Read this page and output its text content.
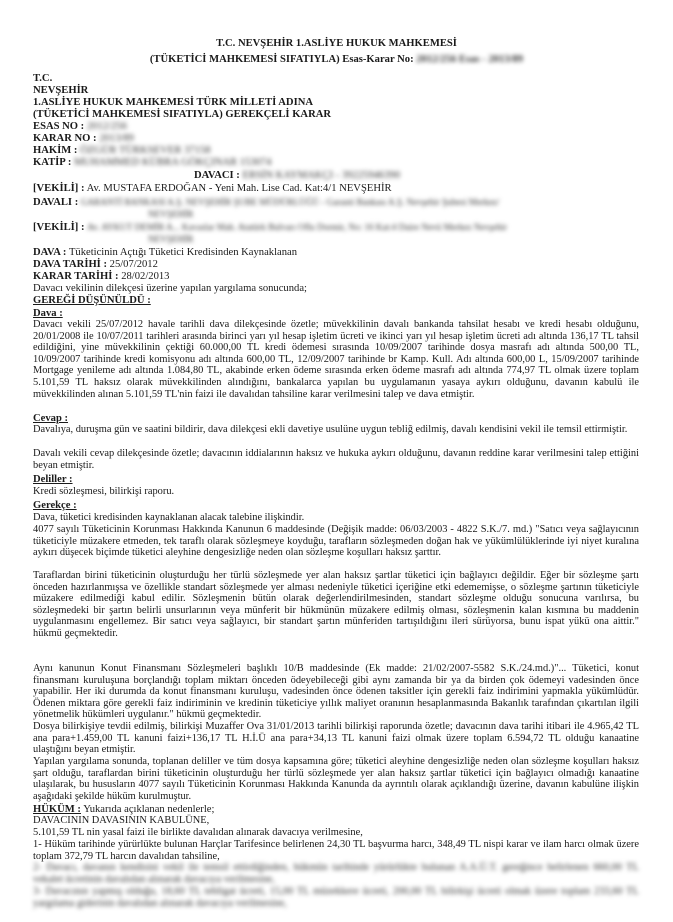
T.C. NEVŞEHİR 1.ASLİYE HUKUK MAHKEMESİ
(TÜKETİCİ MAHKEMESİ SIFATIYLA) Esas-Karar No: 2012/256 Esas - 2013/89
T.C.
NEVŞEHİR
1.ASLİYE HUKUK MAHKEMESİ TÜRK MİLLETİ ADINA
(TÜKETİCİ MAHKEMESİ SIFATIYLA) GEREKÇELİ KARAR
ESAS NO : 2012/256
KARAR NO : 2013/89
HAKİM : ÖZGÜR TÜRKSEVER 37158
KATİP : MUHAMMED KÜBRA GÖKÇINAR 153074
DAVACI : ERSİN KAYMAKÇI - 39225946390
[VEKİLİ] : Av. MUSTAFA ERDOĞAN - Yeni Mah. Lise Cad. Kat:4/1 NEVŞEHİR
DAVALI : GARANTİ BANKASI A.Ş. NEVŞEHİR ŞUBE MÜDÜRLÜĞÜ - Garanti Bankası A.Ş. Nevşehir Şubesi Merkez/
NEVŞEHİR
[VEKİLİ] : Av. AYKUT DEMİR A... Kavaslar Mah. Atatürk Bulvarı Oflu Dormir, No: 16 Kat:4 Daire Nevü Merkez Nevşehir
NEVŞEHİR
DAVA : Tüketicinin Açtığı Tüketici Kredisinden Kaynaklanan
DAVA TARİHİ : 25/07/2012
KARAR TARİHİ : 28/02/2013
Davacı vekilinin dilekçesi üzerine yapılan yargılama sonucunda;
GEREĞİ DÜŞÜNÜLDÜ :
Dava :

Davacı vekili 25/07/2012 havale tarihli dava dilekçesinde özetle; müvekkilinin davalı bankanda tahsilat hesabı ve kredi hesabı olduğunu, 20/01/2008 ile 10/07/2011 tarihleri arasında birinci yarı yıl hesap işletim ücreti ve ikinci yarı yıl hesap işletim ücreti adı altında 136,17 TL tahsil edildiğini, yine müvekkilinin çektiği 60.000,00 TL kredi ödemesi sırasında 10/09/2007 tarihinde dosya masrafı adı altında 500,00 TL, 10/09/2007 tarihinde kredi komisyonu adı altında 600,00 TL, 12/09/2007 tarihinde br Kamp. Kull. Adı altında 600,00 L, 15/09/2007 tarihinde Mortgage yenileme adı altında 1.084,80 TL, akabinde erken ödeme sırasında erken ödeme masrafı adı altında 774,97 TL olmak üzere toplam 5.101,59 TL haksız olarak müvekkilinden alındığını, bankalarca yapılan bu uygulamanın yasaya aykırı olduğunu, davanın kabulü ile müvekkilinden alınan 5.101,59 TL'nin faizi ile davalıdan tahsiline karar verilmesini talep ve dava etmiştir.

Cevap :

Davalıya, duruşma gün ve saatini bildirir, dava dilekçesi ekli davetiye usulüne uygun tebliğ edilmiş, davalı kendisini vekil ile temsil ettirmiştir.

Davalı vekili cevap dilekçesinde özetle; davacının iddialarının haksız ve hukuka aykırı olduğunu, davanın reddine karar verilmesini talep ettiğini beyan etmiştir.

Deliller :

Kredi sözleşmesi, bilirkişi raporu.

Gerekçe :

Dava, tüketici kredisinden kaynaklanan alacak talebine ilişkindir.

4077 sayılı Tüketicinin Korunması Hakkında Kanunun 6 maddesinde (Değişik madde: 06/03/2003 - 4822 S.K./7. md.) "Satıcı veya sağlayıcının tüketiciyle müzakere etmeden, tek taraflı olarak sözleşmeye koyduğu, tarafların sözleşmeden doğan hak ve yükümlülüklerinde iyi niyet kuralına aykırı düşecek biçimde tüketici aleyhine dengesizliğe neden olan sözleşme koşulları haksız şarttır.

Taraflardan birini tüketicinin oluşturduğu her türlü sözleşmede yer alan haksız şartlar tüketici için bağlayıcı değildir. Eğer bir sözleşme şartı önceden hazırlanmışsa ve özellikle standart sözleşmede yer alması nedeniyle tüketici içeriğine etki edememişse, o sözleşme şartının tüketiciyle müzakere edilmediği kabul edilir. Sözleşmenin bütün olarak değerlendirilmesinden, standart sözleşme olduğu sonucuna varılırsa, bu sözleşmedeki bir şartın belirli unsurlarının veya münferit bir hükmünün müzakere edilmiş olması, sözleşmenin kalan kısmına bu maddenin uygulanmasını engellemez. Bir satıcı veya sağlayıcı, bir standart şartın münferiden tartışıldığını ileri sürüyorsa, bunu ispat yükü ona aittir." hükmü geçmektedir.

Aynı kanunun Konut Finansmanı Sözleşmeleri başlıklı 10/B maddesinde (Ek madde: 21/02/2007-5582 S.K./24.md.)"... Tüketici, konut finansmanı kuruluşuna borçlandığı toplam miktarı önceden ödeyebileceği gibi aynı zamanda bir ya da birden çok ödemeyi vadesinden önce yapabilir. Her iki durumda da konut finansmanı kuruluşu, vadesinden önce ödenen taksitler için gerekli faiz indirimini yapmakla yükümlüdür. Ödenen miktara göre gerekli faiz indiriminin ve kredinin tüketiciye yıllık maliyet oranının hesaplanmasında Bakanlık tarafından çıkartılan ilgili yönetmelik hükümleri uygulanır." hükmü geçmektedir.

Dosya bilirkişiye tevdii edilmiş, bilirkişi Muzaffer Ova 31/01/2013 tarihli bilirkişi raporunda özetle; davacının dava tarihi itibari ile 4.965,42 TL ana para+1.459,00 TL kanuni faizi+136,17 TL H.İ.Ü ana para+34,13 TL kanuni faizi olmak üzere toplam 6.594,72 TL olduğu kanaatine ulaştığını beyan etmiştir.

Yapılan yargılama sonunda, toplanan deliller ve tüm dosya kapsamına göre; tüketici aleyhine dengesizliğe neden olan sözleşme koşulları haksız şart olduğu, taraflardan birini tüketicinin oluşturduğu her türlü sözleşmede yer alan haksız şartlar tüketici için bağlayıcı olmadığı kanaatine ulaşılarak, bu hususların 4077 sayılı Tüketicinin Korunması Hakkında Kanunda da ayrıntılı olarak açıklandığı üzerine, davanın kabulüne ilişkin aşağıdaki şekilde hüküm kurulmuştur.

HÜKÜM : Yukarıda açıklanan nedenlerle;

DAVACININ DAVASININ KABULÜNE,

5.101,59 TL nin yasal faizi ile birlikte davalıdan alınarak davacıya verilmesine,

1- Hüküm tarihinde yürürlükte bulunan Harçlar Tarifesince belirlenen 24,30 TL başvurma harcı, 348,49 TL nispi karar ve ilam harcı olmak üzere toplam 372,79 TL harcın davalıdan tahsiline,

2- Davacı, davanın kendisini vekil ile temsil ettirdiğinden, hükmün tarihinde yürürlükte bulunan A.A.Ü.T. gereğince belirlenen 660,00 TL vekalet ücretinin davalıdan alınarak davacıya verilmesine,

3- Davacının yapmış olduğu, 18,60 TL tebligat ücreti, 15,00 TL müzekkere ücreti, 200,00 TL bilirkişi ücreti olmak üzere toplam 233,60 TL yargılama giderinin davalıdan alınarak davacıya verilmesine,
